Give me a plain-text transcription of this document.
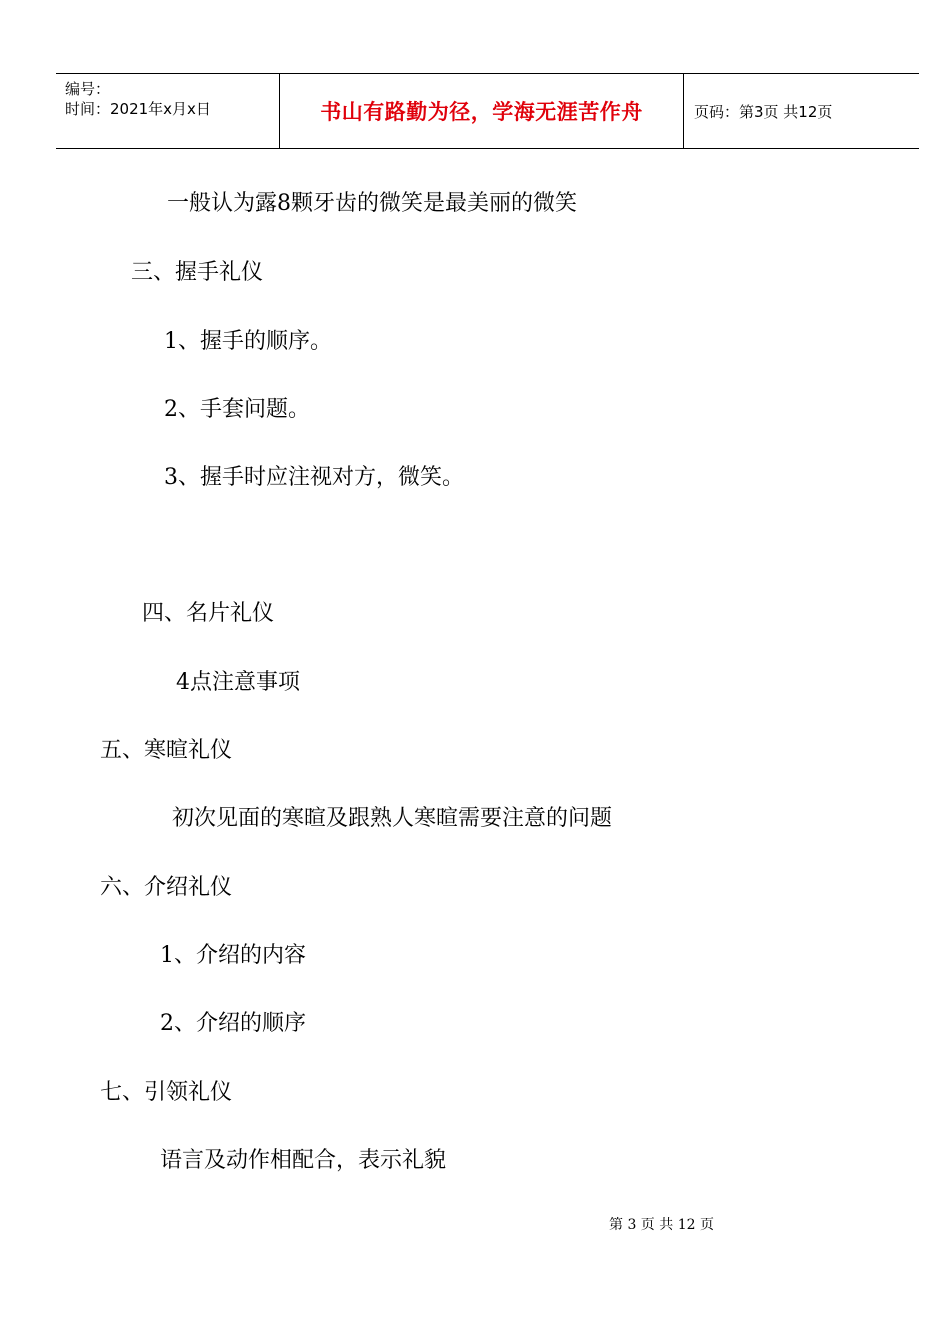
编号：
时间：2021年x月x日	书山有路勤为径，学海无涯苦作舟	页码：第3页 共12页
一般认为露8颗牙齿的微笑是最美丽的微笑
三、握手礼仪
1、握手的顺序。
2、手套问题。
3、握手时应注视对方，微笑。
四、名片礼仪
4点注意事项
五、寒暄礼仪
初次见面的寒暄及跟熟人寒暄需要注意的问题
六、介绍礼仪
1、介绍的内容
2、介绍的顺序
七、引领礼仪
语言及动作相配合，表示礼貌
第 3 页 共 12 页
